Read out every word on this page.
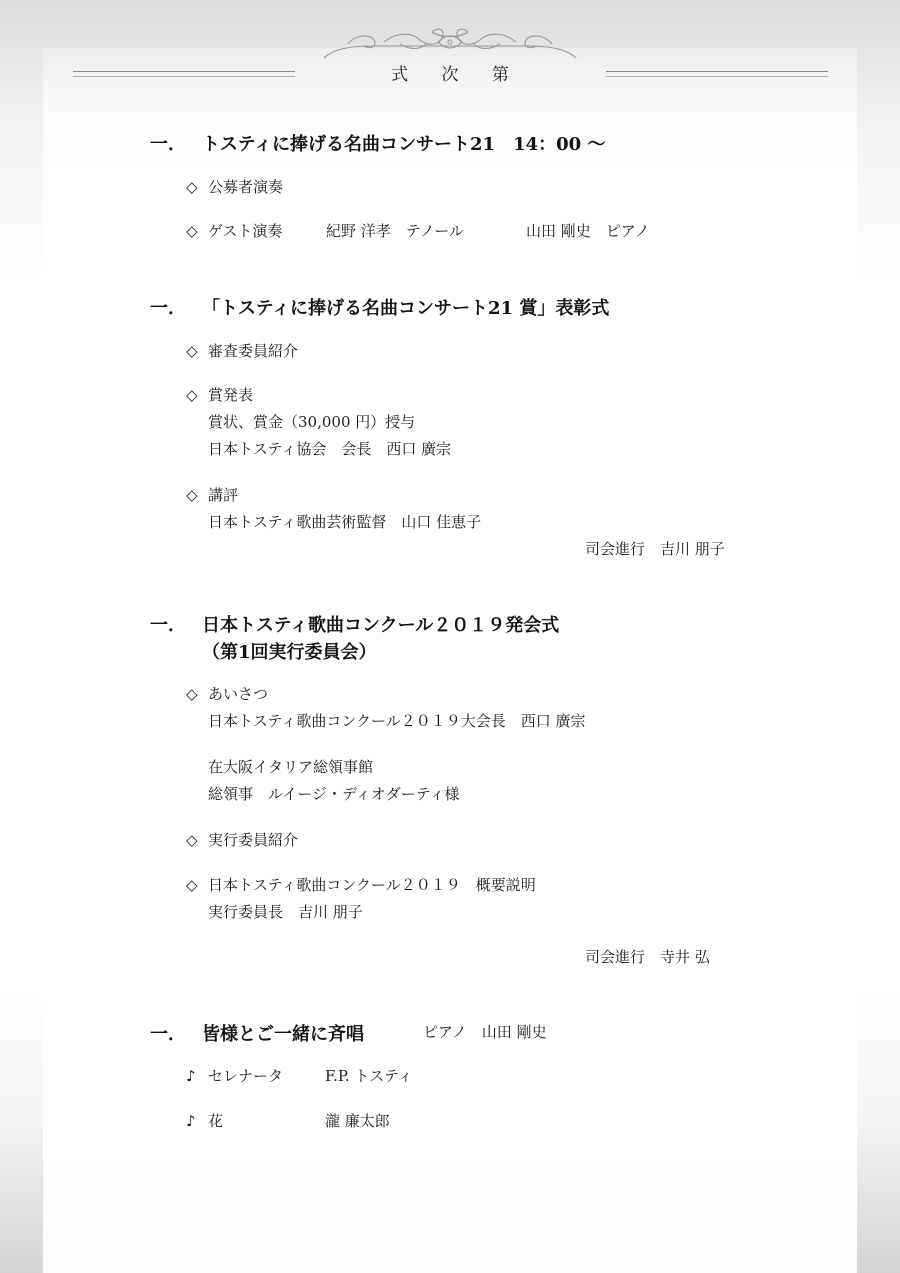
式 次 第
一． トスティに捧げる名曲コンサート21　14：00 ～
◇ 公募者演奏
◇ ゲスト演奏	紀野 洋孝　テノール	山田 剛史　ピアノ
一． 「トスティに捧げる名曲コンサート21 賞」表彰式
◇ 審査委員紹介
◇ 賞発表
賞状、賞金（30,000 円）授与
日本トスティ協会　会長　西口 廣宗
◇ 講評
日本トスティ歌曲芸術監督　山口 佳恵子
司会進行　吉川 朋子
一． 日本トスティ歌曲コンクール２０１９発会式
（第1回実行委員会）
◇ あいさつ
日本トスティ歌曲コンクール２０１９大会長　西口 廣宗
在大阪イタリア総領事館
総領事　ルイージ・ディオダーティ様
◇ 実行委員紹介
◇ 日本トスティ歌曲コンクール２０１９　概要説明
実行委員長　吉川 朋子
司会進行　寺井 弘
一． 皆様とご一緒に斉唱	ピアノ　山田 剛史
♪ セレナータ	F.P. トスティ
♪ 花	瀧 廉太郎
